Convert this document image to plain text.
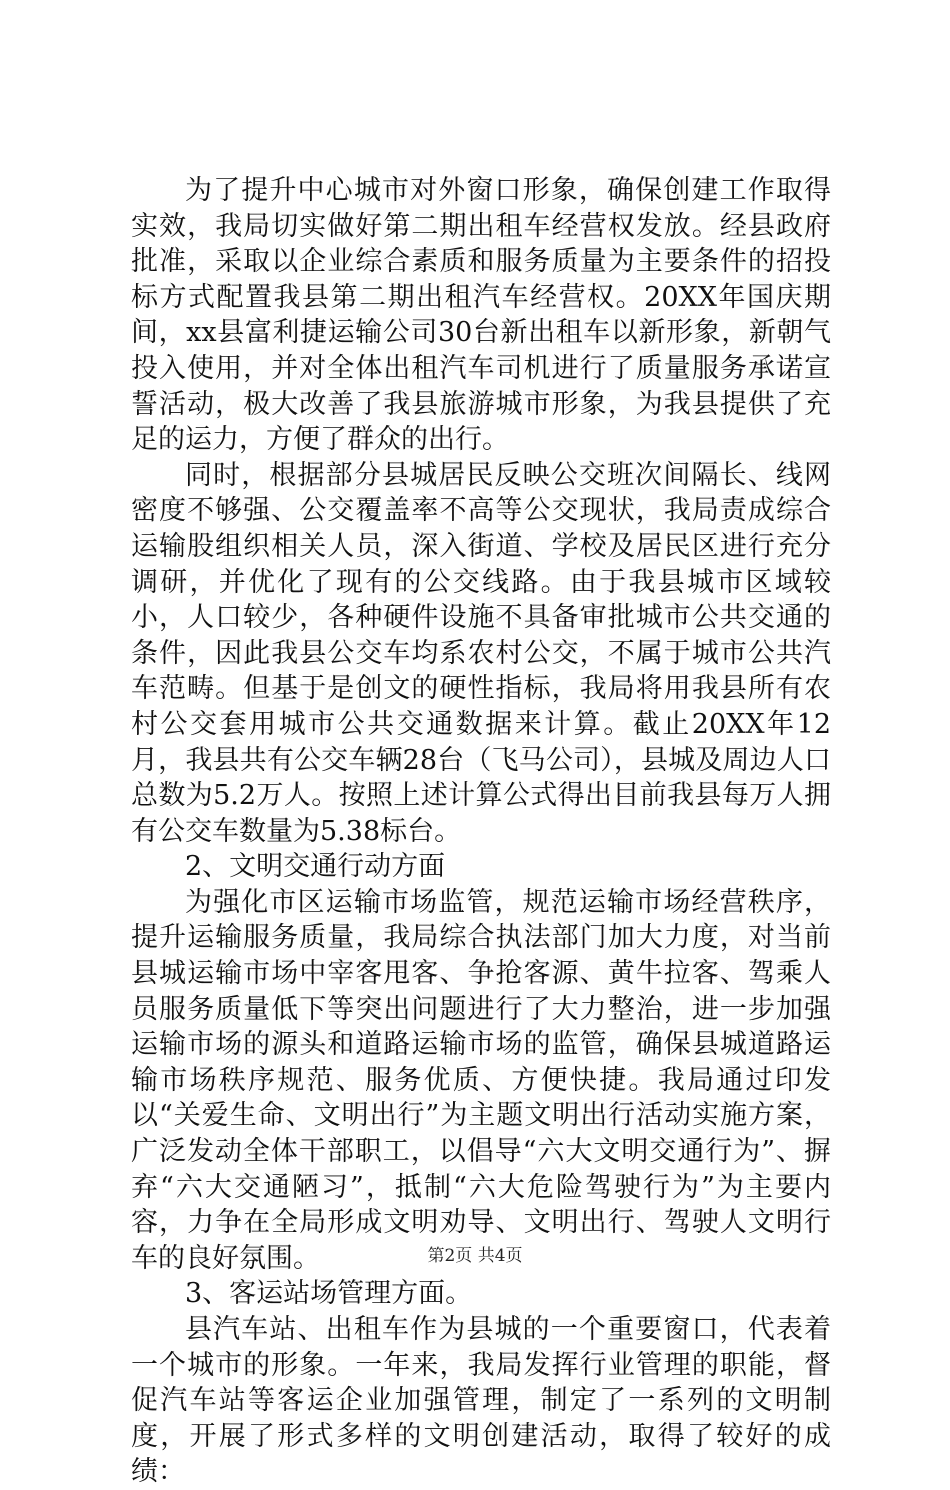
为了提升中心城市对外窗口形象，确保创建工作取得实效，我局切实做好第二期出租车经营权发放。经县政府批准，采取以企业综合素质和服务质量为主要条件的招投标方式配置我县第二期出租汽车经营权。20XX年国庆期间，xx县富利捷运输公司30台新出租车以新形象，新朝气投入使用，并对全体出租汽车司机进行了质量服务承诺宣誓活动，极大改善了我县旅游城市形象，为我县提供了充足的运力，方便了群众的出行。

同时，根据部分县城居民反映公交班次间隔长、线网密度不够强、公交覆盖率不高等公交现状，我局责成综合运输股组织相关人员，深入街道、学校及居民区进行充分调研，并优化了现有的公交线路。由于我县城市区域较小，人口较少，各种硬件设施不具备审批城市公共交通的条件，因此我县公交车均系农村公交，不属于城市公共汽车范畴。但基于是创文的硬性指标，我局将用我县所有农村公交套用城市公共交通数据来计算。截止20XX年12月，我县共有公交车辆28台（飞马公司），县城及周边人口总数为5.2万人。按照上述计算公式得出目前我县每万人拥有公交车数量为5.38标台。

2、文明交通行动方面

为强化市区运输市场监管，规范运输市场经营秩序，提升运输服务质量，我局综合执法部门加大力度，对当前县城运输市场中宰客甩客、争抢客源、黄牛拉客、驾乘人员服务质量低下等突出问题进行了大力整治，进一步加强运输市场的源头和道路运输市场的监管，确保县城道路运输市场秩序规范、服务优质、方便快捷。我局通过印发以“关爱生命、文明出行”为主题文明出行活动实施方案，广泛发动全体干部职工，以倡导“六大文明交通行为”、摒弃“六大交通陋习”，抵制“六大危险驾驶行为”为主要内容，力争在全局形成文明劝导、文明出行、驾驶人文明行车的良好氛围。

3、客运站场管理方面。

县汽车站、出租车作为县城的一个重要窗口，代表着一个城市的形象。一年来，我局发挥行业管理的职能，督促汽车站等客运企业加强管理，制定了一系列的文明制度，开展了形式多样的文明创建活动，取得了较好的成绩：

第2页 共4页
